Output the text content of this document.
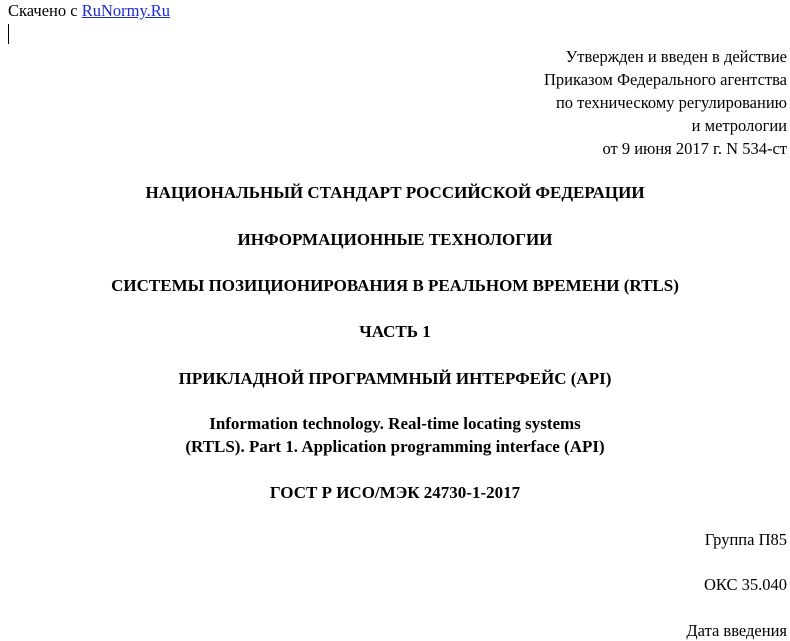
Скачено с RuNormy.Ru
Утвержден и введен в действие
Приказом Федерального агентства
по техническому регулированию
и метрологии
от 9 июня 2017 г. N 534-ст
НАЦИОНАЛЬНЫЙ СТАНДАРТ РОССИЙСКОЙ ФЕДЕРАЦИИ
ИНФОРМАЦИОННЫЕ ТЕХНОЛОГИИ
СИСТЕМЫ ПОЗИЦИОНИРОВАНИЯ В РЕАЛЬНОМ ВРЕМЕНИ (RTLS)
ЧАСТЬ 1
ПРИКЛАДНОЙ ПРОГРАММНЫЙ ИНТЕРФЕЙС (API)
Information technology. Real-time locating systems
(RTLS). Part 1. Application programming interface (API)
ГОСТ Р ИСО/МЭК 24730-1-2017
Группа П85
ОКС 35.040
Дата введения
